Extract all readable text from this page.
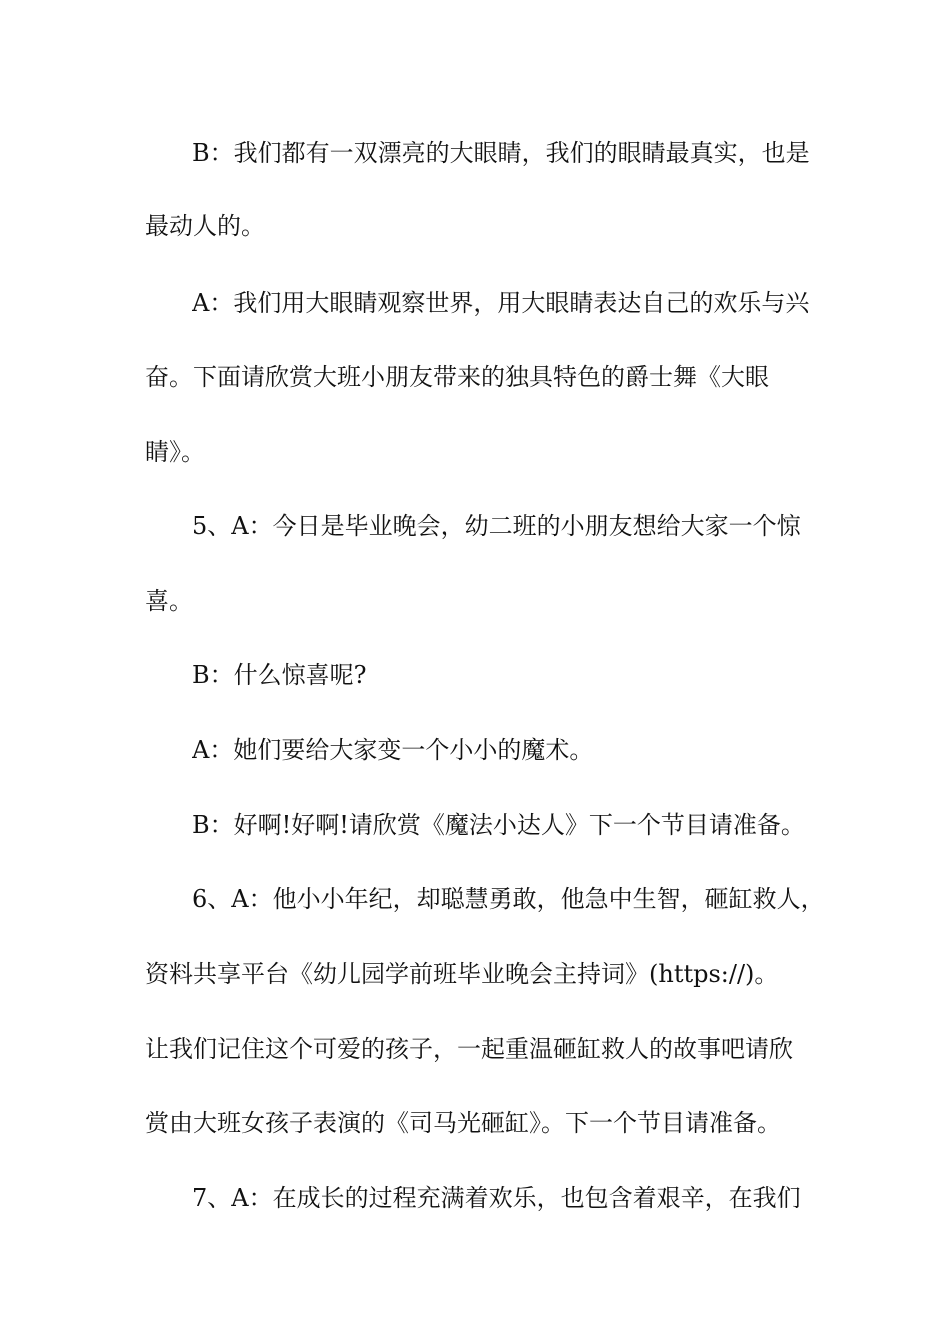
B：我们都有一双漂亮的大眼睛，我们的眼睛最真实，也是
最动人的。
A：我们用大眼睛观察世界，用大眼睛表达自己的欢乐与兴
奋。下面请欣赏大班小朋友带来的独具特色的爵士舞《大眼
睛》。
5、A：今日是毕业晚会，幼二班的小朋友想给大家一个惊
喜。
B：什么惊喜呢?
A：她们要给大家变一个小小的魔术。
B：好啊!好啊!请欣赏《魔法小达人》下一个节目请准备。
6、A：他小小年纪，却聪慧勇敢，他急中生智，砸缸救人，
资料共享平台《幼儿园学前班毕业晚会主持词》(https://)。
让我们记住这个可爱的孩子，一起重温砸缸救人的故事吧请欣
赏由大班女孩子表演的《司马光砸缸》。下一个节目请准备。
7、A：在成长的过程充满着欢乐，也包含着艰辛，在我们
